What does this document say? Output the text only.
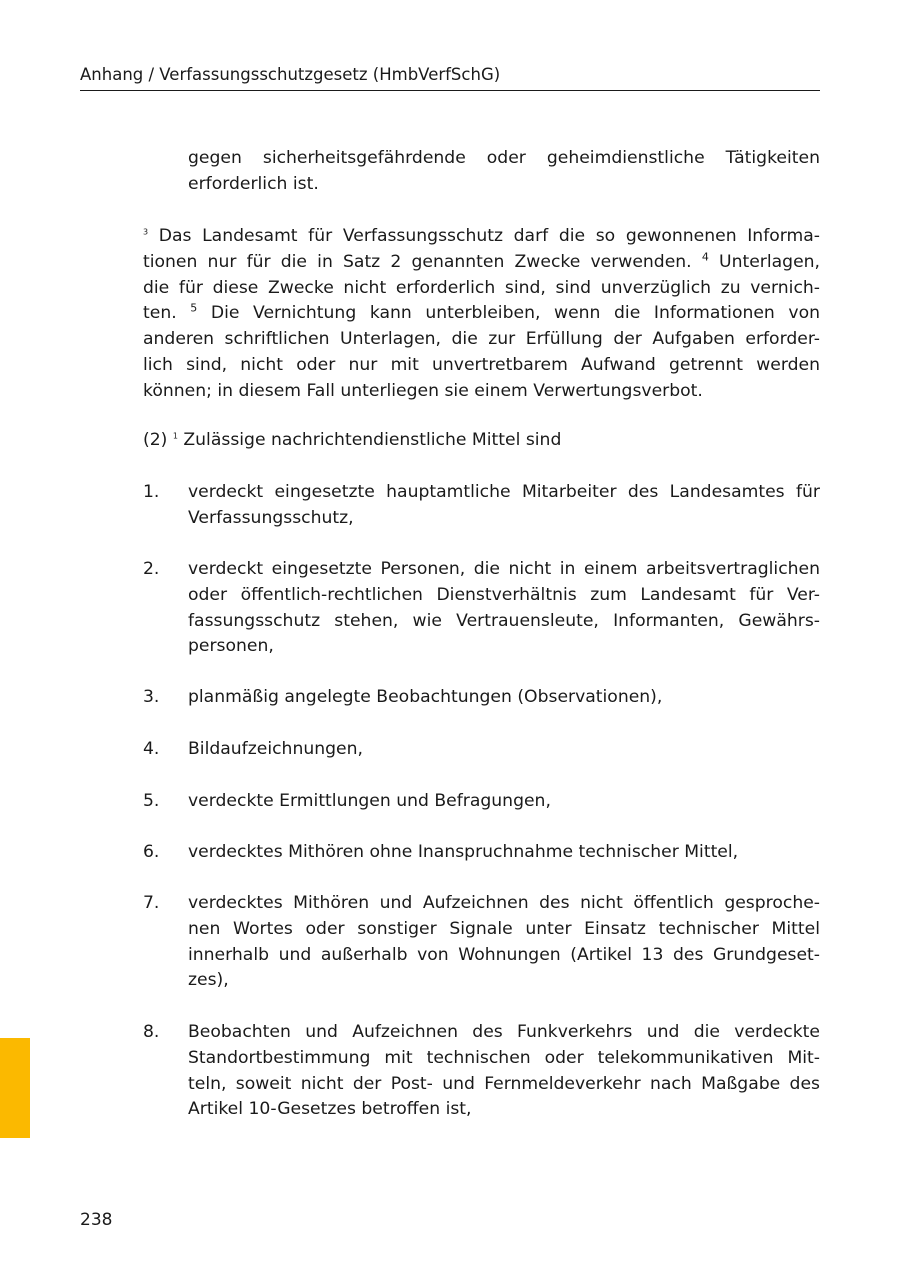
Anhang / Verfassungsschutzgesetz (HmbVerfSchG)

gegen sicherheitsgefährdende oder geheimdienstliche Tätigkeiten

erforderlich ist.

$^3$ Das Landesamt für Verfassungsschutz darf die so gewonnenen Informa-

tionen nur für die in Satz 2 genannten Zwecke verwenden. $^4$ Unterlagen,

die für diese Zwecke nicht erforderlich sind, sind unverzüglich zu vernich-

ten. $^5$ Die Vernichtung kann unterbleiben, wenn die Informationen von

anderen schriftlichen Unterlagen, die zur Erfüllung der Aufgaben erforder-

lich sind, nicht oder nur mit unvertretbarem Aufwand getrennt werden

können; in diesem Fall unterliegen sie einem Verwertungsverbot.

(2) $^1$ Zulässige nachrichtendienstliche Mittel sind

1.	verdeckt eingesetzte hauptamtliche Mitarbeiter des Landesamtes für
Verfassungsschutz,
2.	verdeckt eingesetzte Personen, die nicht in einem arbeitsvertraglichen
oder öffentlich-rechtlichen Dienstverhältnis zum Landesamt für Ver-
fassungsschutz stehen, wie Vertrauensleute, Informanten, Gewährs-
personen,
3.	planmäßig angelegte Beobachtungen (Observationen),
4.	Bildaufzeichnungen,
5.	verdeckte Ermittlungen und Befragungen,
6.	verdecktes Mithören ohne Inanspruchnahme technischer Mittel,
7.	verdecktes Mithören und Aufzeichnen des nicht öffentlich gesproche-
nen Wortes oder sonstiger Signale unter Einsatz technischer Mittel
innerhalb und außerhalb von Wohnungen (Artikel 13 des Grundgeset-
zes),
8.	Beobachten und Aufzeichnen des Funkverkehrs und die verdeckte
Standortbestimmung mit technischen oder telekommunikativen Mit-
teln, soweit nicht der Post- und Fernmeldeverkehr nach Maßgabe des
Artikel 10-Gesetzes betroffen ist,
238
